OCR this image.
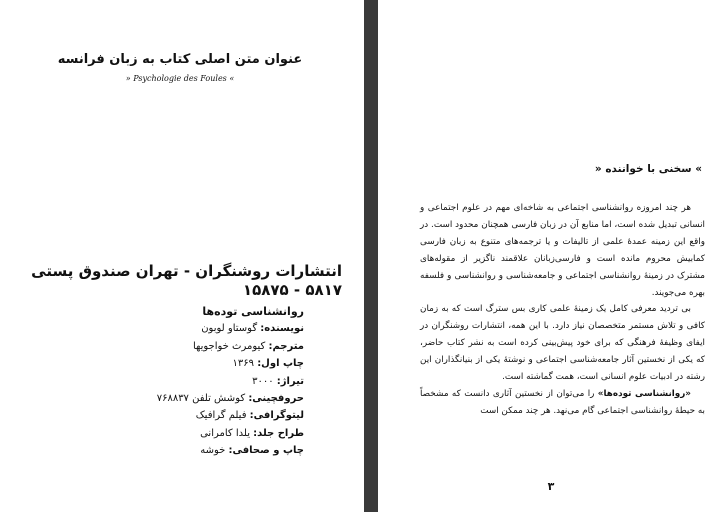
عنوان متن اصلی کتاب به زبان فرانسه
» Psychologie des Foules «
انتشارات روشنگران - تهران صندوق پستی ۵۸۱۷ - ۱۵۸۷۵
روانشناسی توده‌ها
نویسنده: گوستاو لوبون
مترجم: کیومرث خواجویها
چاپ اول: ۱۳۶۹
تیراژ: ۳۰۰۰
حروفچینی: کوشش تلفن ۷۶۸۸۳۷
لیتوگرافی: فیلم گرافیک
طراح جلد: یلدا کامرانی
چاپ و صحافی: خوشه
» سخنی با خواننده «

هر چند امروزه روانشناسی اجتماعی به شاخه‌ای مهم در علوم اجتماعی و انسانی تبدیل شده است، اما منابع آن در زبان فارسی همچنان محدود است. در واقع این زمینه عمدهٔ علمی از تالیفات و یا ترجمه‌های متنوع به زبان فارسی کمابیش محروم مانده است و فارسی‌زبانان علاقمند ناگزیر از مقوله‌های مشترک در زمینهٔ روانشناسی اجتماعی و جامعه‌شناسی و روانشناسی و فلسفه بهره می‌جویند.

بی تردید معرفی کامل یک زمینهٔ علمی کاری بس سترگ است که به زمان کافی و تلاش مستمر متخصصان نیاز دارد. با این همه، انتشارات روشنگران در ایفای وظیفهٔ فرهنگی که برای خود پیش‌بینی کرده است به نشر کتاب حاضر، که یکی از نخستین آثار جامعه‌شناسی اجتماعی و نوشتهٔ یکی از بنیانگذاران این رشته در ادبیات علوم انسانی است، همت گماشته است.

«روانشناسی توده‌ها» را می‌توان از نخستین آثاری دانست که مشخصاً به حیطهٔ روانشناسی اجتماعی گام می‌نهد. هر چند ممکن است

۳
